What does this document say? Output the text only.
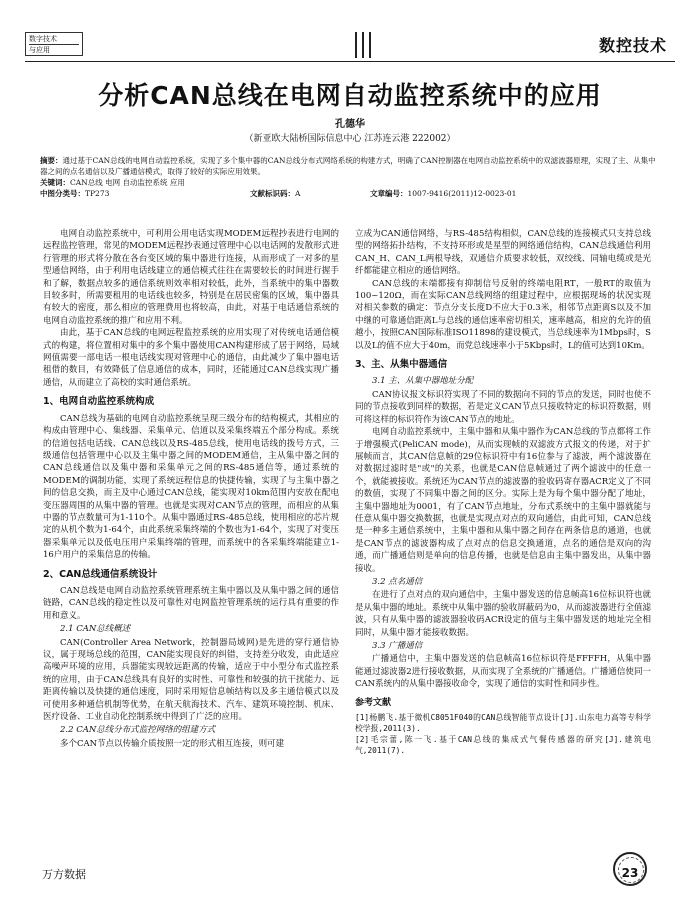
数字技术
与应用	数控技术
分析CAN总线在电网自动监控系统中的应用
孔德华
（新亚欧大陆桥国际信息中心 江苏连云港 222002）
摘要：通过基于CAN总线的电网自动监控系统，实现了多个集中器的CAN总线分布式网络系统的构建方式，明确了CAN控制器在电网自动监控系统中的双滤波器原理，实现了主、从集中器之间的点名通信以及广播通信模式，取得了较好的实际应用效果。
关键词：CAN总线 电网 自动监控系统 应用
中图分类号：TP273	文献标识码：A	文章编号：1007-9416(2011)12-0023-01

电网自动监控系统中，可利用公用电话实现MODEM远程抄表进行电网的远程监控管理，常见的MODEM远程抄表通过管理中心以电话网的发散形式进行管理的形式将分散在各台变区域的集中器进行连接，从而形成了一对多的星型通信网络，由于利用电话线建立的通信模式往往在需要较长的时间进行握手和了解，数据点较多的通信系统则效率相对较低，此外，当系统中的集中器数目较多时，所需要租用的电话线也较多，特别是在居民密集的区域，集中器具有较大的密度，那么相应的管理费用也将较高，由此，对基于电话通信系统的电网自动监控系统的推广和应用不利。

由此，基于CAN总线的电网远程监控系统的应用实现了对传统电话通信模式的构建，将位置相对集中的多个集中器使用CAN构建形成了居于网络，局域网值需要一部电话一根电话线实现对管理中心的通信，由此减少了集中器电话租借的数目，有效降低了信息通信的成本，同时，还能通过CAN总线实现广播通信，从而建立了高校的实时通信系统。

1、电网自动监控系统构成

CAN总线为基础的电网自动监控系统呈现三级分布的结构模式，其相应的构成由管理中心、集线器、采集单元、信道以及采集终端五个部分构成。系统的信道包括电话线、CAN总线以及RS-485总线，使用电话线的拨号方式，三级通信包括管理中心以及主集中器之间的MODEM通信，主从集中器之间的CAN总线通信以及集中器和采集单元之间的RS-485通信等，通过系统的MODEM的调制功能，实现了系统远程信息的快捷传输，实现了与主集中器之间的信息交换，而主及中心通过CAN总线，能实现对10km范围内安放在配电变压器周围的从集中器的管理。也就是实现对CAN节点的管理，而相应的从集中器的节点数量可为1-110个。从集中器通过RS-485总线，使用相应的芯片规定的从机个数为1-64个，由此系统采集终端的个数也为1-64个，实现了对变压器采集单元以及低电压用户采集终端的管理，而系统中的各采集终端能建立1-16户用户的采集信息的传输。

2、CAN总线通信系统设计

CAN总线是电网自动监控系统管理系统主集中器以及从集中器之间的通信链路，CAN总线的稳定性以及可靠性对电网监控管理系统的运行具有重要的作用和意义。

2.1 CAN总线概述

CAN(Controller Area Network，控制器局域网)是先进的穿行通信协议，属于现场总线的范围，CAN能实现良好的纠错，支持差分收发，由此适应高噪声环境的应用，兵器能实现较远距离的传输，适应于中小型分布式监控系统的应用，由于CAN总线具有良好的实时性、可靠性和较强的抗干扰能力、远距离传输以及快捷的通信速度，同时采用短信息帧结构以及多主通信模式以及可使用多种通信机制等优势，在航天航海技术、汽车、建筑环境控制、机床、医疗设备、工业自动化控制系统中得到了广泛的应用。

2.2 CAN总线分布式监控网络的组建方式

多个CAN节点以传输介质按照一定的形式相互连接，则可建

立成为CAN通信网络，与RS-485结构相似，CAN总线的连接模式只支持总线型的网络拓扑结构，不支持环形或是星型的网络通信结构，CAN总线通信利用CAN_H、CAN_L两根导线，双通信介质要求较低，双绞线、同轴电缆或是光纤都能建立相应的通信网络。

CAN总线的末端都接有抑制信号反射的终端电阻RT，一般RT的取值为100~120Ω，而在实际CAN总线网络的组建过程中，应根据现场的状况实现对相关参数的确定：节点分支长度D不应大于0.3米，相邻节点距离S以及不加中继的可靠通信距离L与总线的通信速率密切相关，速率越高，相应的允许的值越小，按照CAN国际标准ISO11898的建设模式，当总线速率为1Mbps时，S以及L的值不应大于40m，而党总线速率小于5Kbps时，L的值可达到10Km。

3、主、从集中器通信
3.1 主、从集中器地址分配

CAN协议报文标识符实现了不同的数据向不同的节点的发送，同时也使不同的节点接收到同样的数据，若是定义CAN节点只接收特定的标识符数据，则可将这样的标识符作为该CAN节点的地址。

电网自动监控系统中，主集中器和从集中器作为CAN总线的节点都将工作于增强模式(PeliCAN mode)，从而实现帧的双滤波方式报文的传递，对于扩展帧而言，其CAN信息帧的29位标识符中有16位参与了滤波，两个滤波器在对数据过滤时是"或"的关系，也就是CAN信息帧通过了两个滤波中的任意一个，就能被接收。系统还为CAN节点的滤波器的验收码寄存器ACR定义了不同的数值，实现了不同集中器之间的区分。实际上是为每个集中器分配了地址，主集中器地址为0001，有了CAN节点地址，分布式系统中的主集中器就能与任意从集中器交换数据，也就是实现点对点的双向通信，由此可知，CAN总线是一种多主通信系统中，主集中器和从集中器之间存在两条信息的通道，也就是CAN节点的滤波器构成了点对点的信息交换通道，点名的通信是双向的沟通，而广播通信则是单向的信息传播，也就是信息由主集中器发出，从集中器接收。

3.2 点名通信

在进行了点对点的双向通信中，主集中器发送的信息帧高16位标识符也就是从集中器的地址。系统中从集中器的验收屏蔽码为0，从而滤波器进行全值滤波，只有从集中器的滤波器验收码ACR设定的值与主集中器发送的地址完全相同时，从集中器才能接收数据。

3.3 广播通信

广播通信中，主集中器发送的信息帧高16位标识符是FFFFH，从集中器能通过滤波器2进行接收数据，从而实现了全系统的广播通信。广播通信使同一CAN系统内的从集中器接收命令，实现了通信的实时性和同步性。

参考文献
[1]杨鹏飞.基于微机C8051F040的CAN总线智能节点设计[J].山东电力高等专科学校学报,2011(3).
[2]毛宗蕾,陈一飞.基于CAN总线的集成式气餐传感器的研究[J].建筑电气,2011(7).
万方数据	23
